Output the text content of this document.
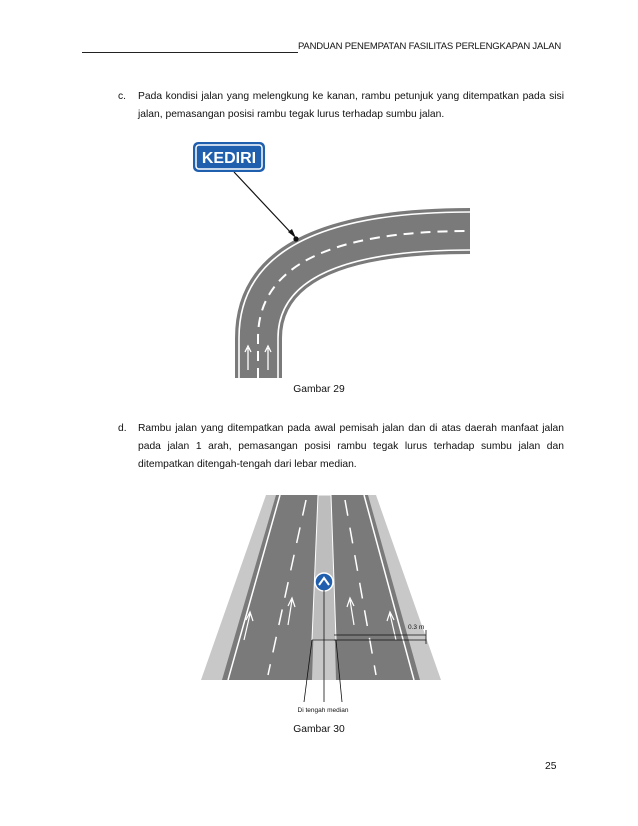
PANDUAN PENEMPATAN FASILITAS PERLENGKAPAN JALAN
c. Pada kondisi jalan yang melengkung ke kanan, rambu petunjuk yang ditempatkan pada sisi jalan, pemasangan posisi rambu tegak lurus terhadap sumbu jalan.
KEDIRI
Gambar 29
d. Rambu jalan yang ditempatkan pada awal pemisah jalan dan di atas daerah manfaat jalan pada jalan 1 arah, pemasangan posisi rambu tegak lurus terhadap sumbu jalan dan ditempatkan ditengah-tengah dari lebar median.
0.3 m
Di tengah median
Gambar 30
25
